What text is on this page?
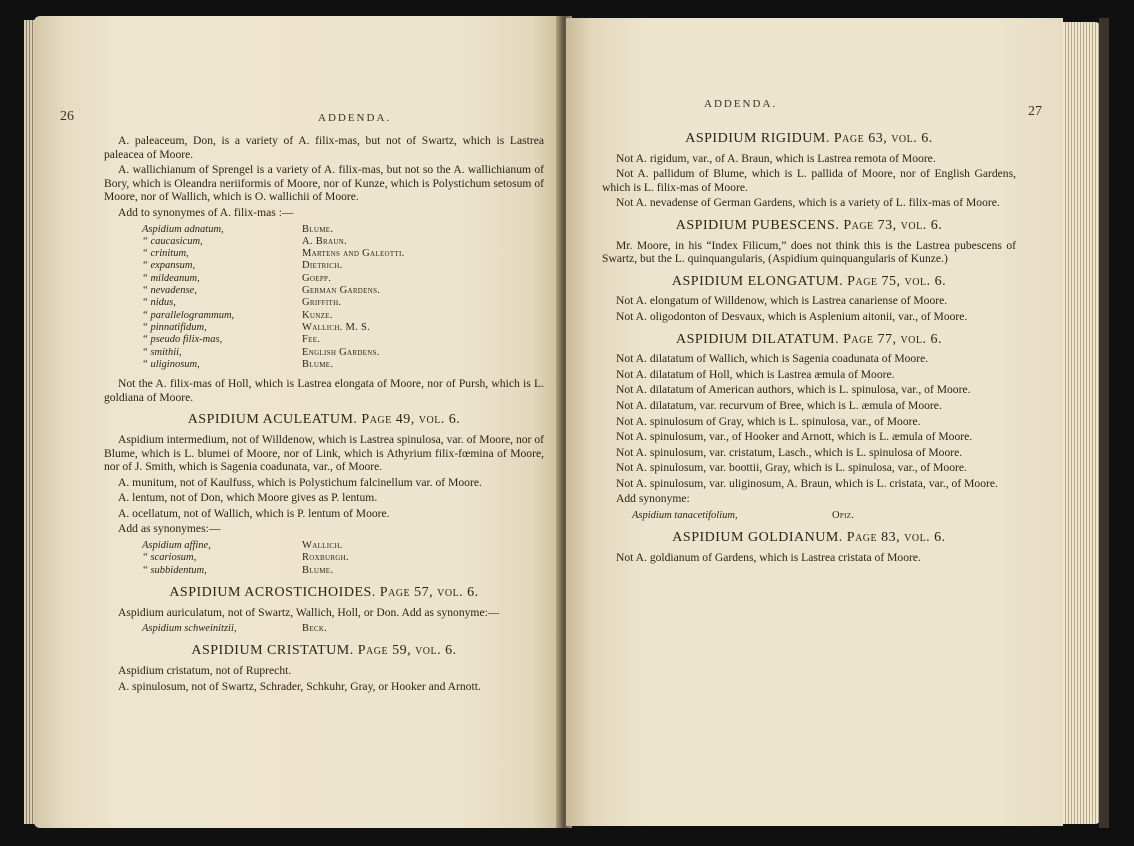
26	ADDENDA.

A. paleaceum, Don, is a variety of A. filix-mas, but not of Swartz, which is Lastrea paleacea of Moore.

A. wallichianum of Sprengel is a variety of A. filix-mas, but not so the A. wallichianum of Bory, which is Oleandra neriiformis of Moore, nor of Kunze, which is Polystichum setosum of Moore, nor of Wallich, which is O. wallichii of Moore.

Add to synonymes of A. filix-mas :—

Aspidium adnatum,	Blume.
“ caucasicum,	A. Braun.
“ crinitum,	Martens and Galeotti.
“ expansum,	Dietrich.
“ mildeanum,	Goepp.
“ nevadense,	German Gardens.
“ nidus,	Griffith.
“ parallelogrammum,	Kunze.
“ pinnatifidum,	Wallich. M. S.
“ pseudo filix-mas,	Fee.
“ smithii,	English Gardens.
“ uliginosum,	Blume.

Not the A. filix-mas of Holl, which is Lastrea elongata of Moore, nor of Pursh, which is L. goldiana of Moore.

ASPIDIUM ACULEATUM. Page 49, vol. 6.

Aspidium intermedium, not of Willdenow, which is Lastrea spinulosa, var. of Moore, nor of Blume, which is L. blumei of Moore, nor of Link, which is Athyrium filix-fœmina of Moore, nor of J. Smith, which is Sagenia coadunata, var., of Moore.

A. munitum, not of Kaulfuss, which is Polystichum falcinellum var. of Moore.

A. lentum, not of Don, which Moore gives as P. lentum.

A. ocellatum, not of Wallich, which is P. lentum of Moore.

Add as synonymes:—

Aspidium affine,	Wallich.
“ scariosum,	Roxburgh.
“ subbidentum,	Blume.
ASPIDIUM ACROSTICHOIDES. Page 57, vol. 6.

Aspidium auriculatum, not of Swartz, Wallich, Holl, or Don. Add as synonyme:—

Aspidium schweinitzii,	Beck.
ASPIDIUM CRISTATUM. Page 59, vol. 6.

Aspidium cristatum, not of Ruprecht.

A. spinulosum, not of Swartz, Schrader, Schkuhr, Gray, or Hooker and Arnott.

ADDENDA.	27
ASPIDIUM RIGIDUM. Page 63, vol. 6.

Not A. rigidum, var., of A. Braun, which is Lastrea remota of Moore.

Not A. pallidum of Blume, which is L. pallida of Moore, nor of English Gardens, which is L. filix-mas of Moore.

Not A. nevadense of German Gardens, which is a variety of L. filix-mas of Moore.

ASPIDIUM PUBESCENS. Page 73, vol. 6.

Mr. Moore, in his “Index Filicum,” does not think this is the Lastrea pubescens of Swartz, but the L. quinquangularis, (Aspidium quinquangularis of Kunze.)

ASPIDIUM ELONGATUM. Page 75, vol. 6.

Not A. elongatum of Willdenow, which is Lastrea canariense of Moore.

Not A. oligodonton of Desvaux, which is Asplenium aitonii, var., of Moore.

ASPIDIUM DILATATUM. Page 77, vol. 6.

Not A. dilatatum of Wallich, which is Sagenia coadunata of Moore.

Not A. dilatatum of Holl, which is Lastrea æmula of Moore.

Not A. dilatatum of American authors, which is L. spinulosa, var., of Moore.

Not A. dilatatum, var. recurvum of Bree, which is L. æmula of Moore.

Not A. spinulosum of Gray, which is L. spinulosa, var., of Moore.

Not A. spinulosum, var., of Hooker and Arnott, which is L. æmula of Moore.

Not A. spinulosum, var. cristatum, Lasch., which is L. spinulosa of Moore.

Not A. spinulosum, var. boottii, Gray, which is L. spinulosa, var., of Moore.

Not A. spinulosum, var. uliginosum, A. Braun, which is L. cristata, var., of Moore.

Add synonyme:

Aspidium tanacetifolium,	Opiz.
ASPIDIUM GOLDIANUM. Page 83, vol. 6.

Not A. goldianum of Gardens, which is Lastrea cristata of Moore.
